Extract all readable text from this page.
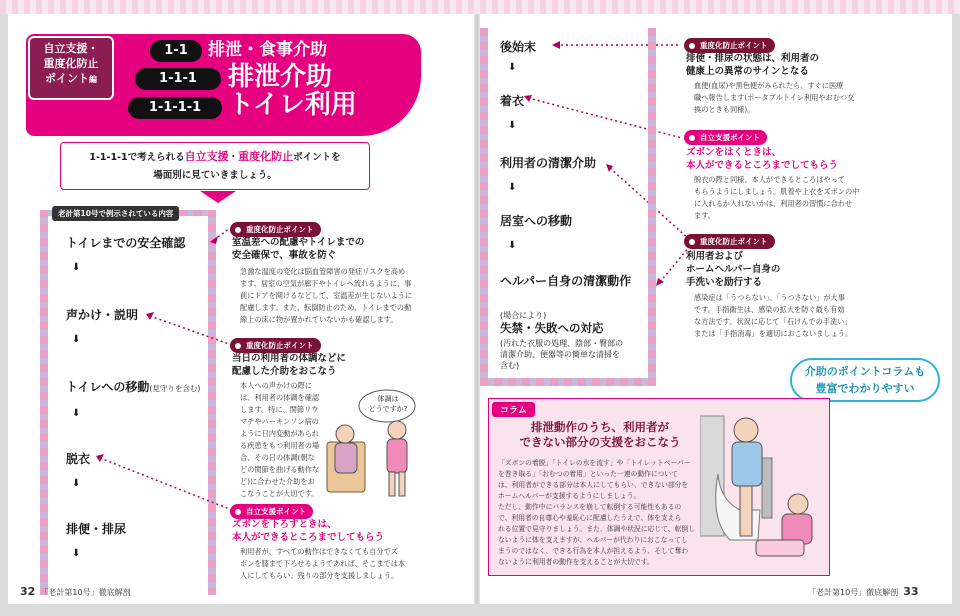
自立支援・
重度化防止
ポイント編
1-1	排泄・食事介助
1-1-1	排泄介助
1-1-1-1	トイレ利用
1-1-1-1で考えられる自立支援・重度化防止ポイントを
場面別に見ていきましょう。
老計第10号で例示されている内容
トイレまでの安全確認
⬇
声かけ・説明
⬇
トイレへの移動(見守りを含む)
⬇
脱衣
⬇
排便・排尿
⬇
重度化防止ポイント
室温差への配慮やトイレまでの
安全確保で、事故を防ぐ
急激な温度の変化は脳血管障害の発症リスクを高め
ます。居室の空気が廊下やトイレへ流れるように、事
前にドアを開けるなどして、室温差が生じないように
配慮します。また、転倒防止のため、トイレまでの動
線上の床に物が置かれていないかも確認します。
重度化防止ポイント
当日の利用者の体調などに
配慮した介助をおこなう
本人への声かけの際に
は、利用者の体調を確認
します。特に、関節リウ
マチやパーキンソン病の
ように日内変動があられ
る疾患をもつ利用者の場
合、その日の体調(朝な
どの関節を曲げる動作な
ど)に合わせた介助をお
こなうことが大切です。
体調は
どうですか?
自立支援ポイント
ズボンを下ろすときは、
本人ができるところまでしてもらう
利用者が、すべての動作はできなくても自分でズ
ボンを膝まで下ろせるようであれば、そこまでは本
人にしてもらい、残りの部分を支援しましょう。
後始末
⬇
着衣
⬇
利用者の清潔介助
⬇
居室への移動
⬇
ヘルパー自身の清潔動作
(場合により)
失禁・失敗への対応
(汚れた衣服の処理、陰部・臀部の
清潔介助、便器等の簡単な清掃を
含む)
重度化防止ポイント
排便・排尿の状態は、利用者の
健康上の異常のサインとなる
血便(血尿)や黒色便がみられたら、すぐに医療
職へ報告します(ポータブルトイレ利用やおむつ交
換のときも同様)。
自立支援ポイント
ズボンをはくときは、
本人ができるところまでしてもらう
脱衣の際と同様、本人ができるところはやって
もらうようにしましょう。肌着や上衣をズボンの中
に入れるか入れないかは、利用者の習慣に合わせ
ます。
重度化防止ポイント
利用者および
ホームヘルパー自身の
手洗いを励行する
感染症は「うつらない」、「うつさない」が大事
です。手指衛生は、感染の拡大を防ぐ最も有効
な方法です。状況に応じて「石けんでの手洗い」
または「手指消毒」を適切におこないましょう。
介助のポイントコラムも
豊富でわかりやすい
コラム
排泄動作のうち、利用者が
できない部分の支援をおこなう
「ズボンの着脱」「トイレの水を流す」や「トイレットペーパー
を巻き取る」「おむつの着用」といった一連の動作について
は、利用者ができる部分は本人にしてもらい、できない部分を
ホームヘルパーが支援するようにしましょう。
ただし、動作中にバランスを崩して転倒する可能性もあるの
で、利用者の自尊心や羞恥心に配慮したうえで、体を支えら
れる位置で見守りましょう。また、体調や状況に応じて、転倒し
ないように体を支えますが、ヘルパーが代わりにおこなってし
まうのではなく、できる行為を本人が担えるよう、そして奪わ
ないように利用者の動作を支えることが大切です。
32 「老計第10号」徹底解剖	「老計第10号」徹底解剖 33
